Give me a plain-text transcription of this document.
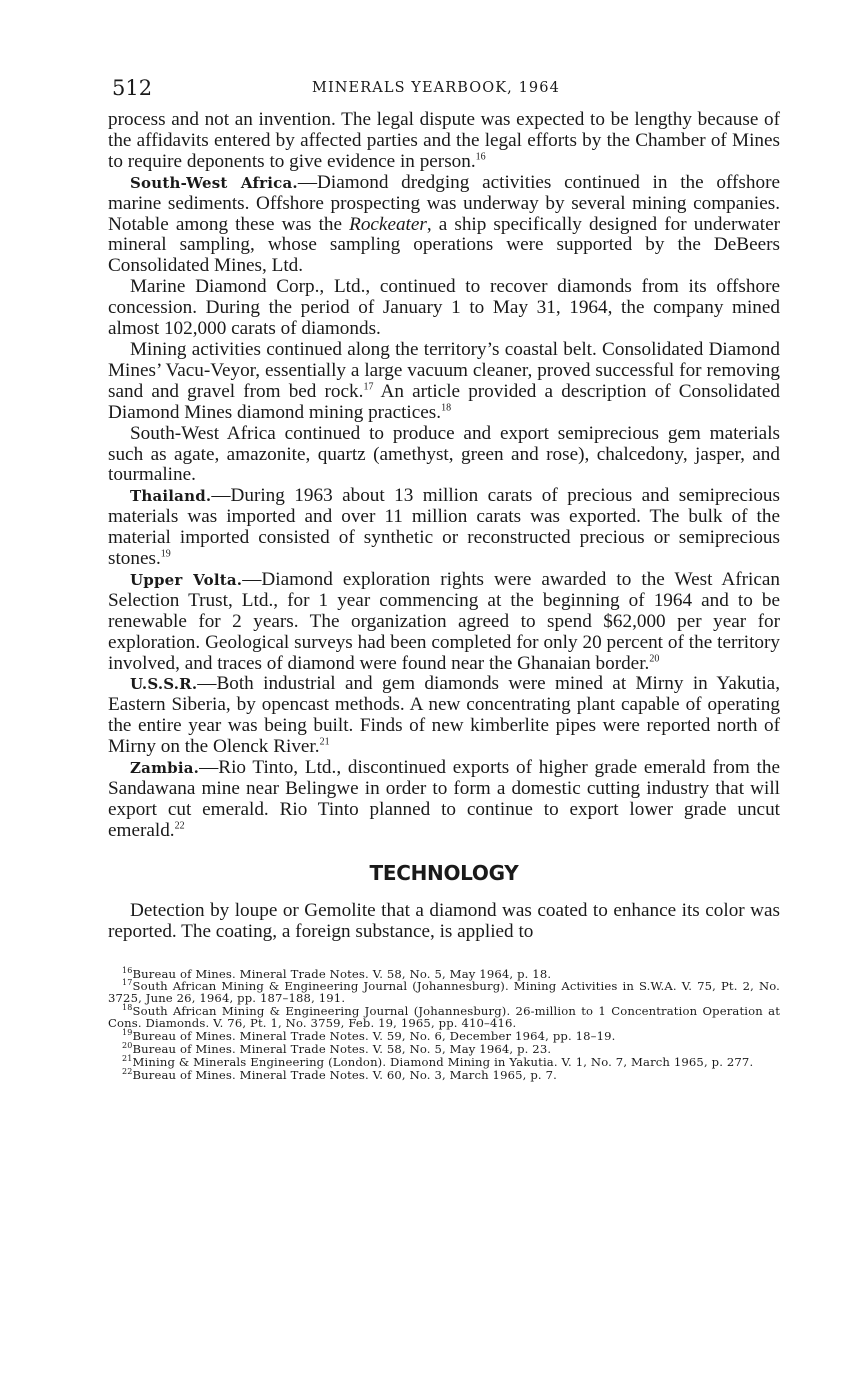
512	MINERALS YEARBOOK, 1964

process and not an invention. The legal dispute was expected to be lengthy because of the affidavits entered by affected parties and the legal efforts by the Chamber of Mines to require deponents to give evidence in person.$^{16}$

South-West Africa.—Diamond dredging activities continued in the offshore marine sediments. Offshore prospecting was underway by several mining companies. Notable among these was the Rockeater, a ship specifically designed for underwater mineral sampling, whose sampling operations were supported by the DeBeers Consolidated Mines, Ltd.

Marine Diamond Corp., Ltd., continued to recover diamonds from its offshore concession. During the period of January 1 to May 31, 1964, the company mined almost 102,000 carats of diamonds.

Mining activities continued along the territory’s coastal belt. Consolidated Diamond Mines’ Vacu-Veyor, essentially a large vacuum cleaner, proved successful for removing sand and gravel from bed rock.$^{17}$ An article provided a description of Consolidated Diamond Mines diamond mining practices.$^{18}$

South-West Africa continued to produce and export semiprecious gem materials such as agate, amazonite, quartz (amethyst, green and rose), chalcedony, jasper, and tourmaline.

Thailand.—During 1963 about 13 million carats of precious and semiprecious materials was imported and over 11 million carats was exported. The bulk of the material imported consisted of synthetic or reconstructed precious or semiprecious stones.$^{19}$

Upper Volta.—Diamond exploration rights were awarded to the West African Selection Trust, Ltd., for 1 year commencing at the beginning of 1964 and to be renewable for 2 years. The organization agreed to spend $62,000 per year for exploration. Geological surveys had been completed for only 20 percent of the territory involved, and traces of diamond were found near the Ghanaian border.$^{20}$

U.S.S.R.—Both industrial and gem diamonds were mined at Mirny in Yakutia, Eastern Siberia, by opencast methods. A new concentrating plant capable of operating the entire year was being built. Finds of new kimberlite pipes were reported north of Mirny on the Olenck River.$^{21}$

Zambia.—Rio Tinto, Ltd., discontinued exports of higher grade emerald from the Sandawana mine near Belingwe in order to form a domestic cutting industry that will export cut emerald. Rio Tinto planned to continue to export lower grade uncut emerald.$^{22}$

TECHNOLOGY

Detection by loupe or Gemolite that a diamond was coated to enhance its color was reported. The coating, a foreign substance, is applied to

$^{16}$Bureau of Mines. Mineral Trade Notes. V. 58, No. 5, May 1964, p. 18.
$^{17}$South African Mining & Engineering Journal (Johannesburg). Mining Activities in S.W.A. V. 75, Pt. 2, No. 3725, June 26, 1964, pp. 187–188, 191.
$^{18}$South African Mining & Engineering Journal (Johannesburg). 26-million to 1 Concentration Operation at Cons. Diamonds. V. 76, Pt. 1, No. 3759, Feb. 19, 1965, pp. 410–416.
$^{19}$Bureau of Mines. Mineral Trade Notes. V. 59, No. 6, December 1964, pp. 18–19.
$^{20}$Bureau of Mines. Mineral Trade Notes. V. 58, No. 5, May 1964, p. 23.
$^{21}$Mining & Minerals Engineering (London). Diamond Mining in Yakutia. V. 1, No. 7, March 1965, p. 277.
$^{22}$Bureau of Mines. Mineral Trade Notes. V. 60, No. 3, March 1965, p. 7.
